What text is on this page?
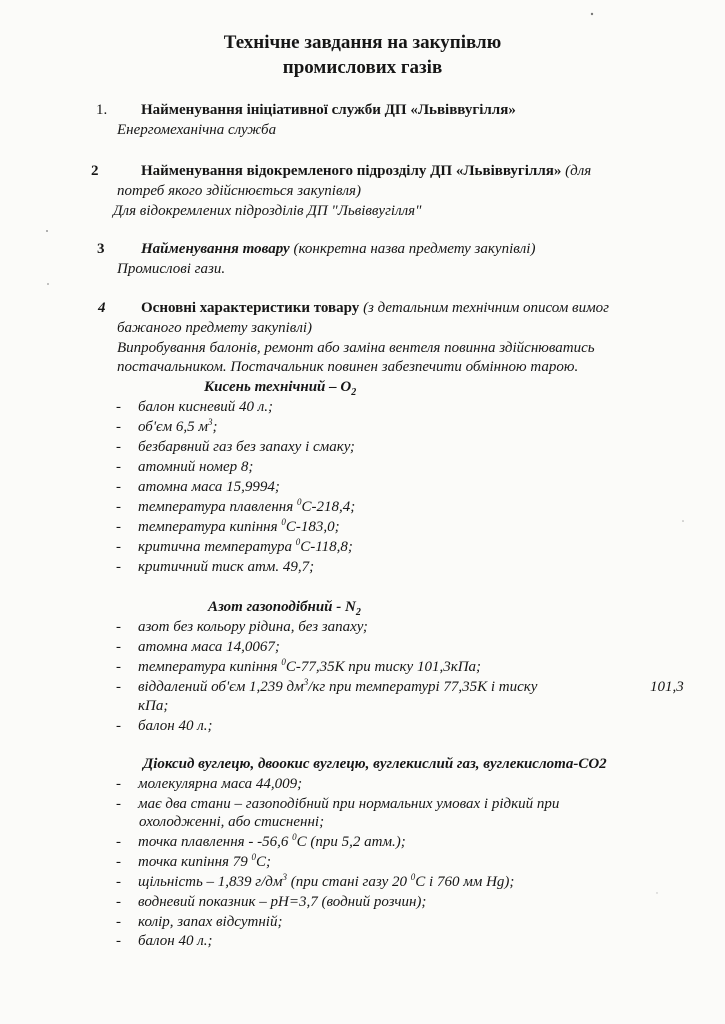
Технічне завдання на закупівлю
промислових газів
1. Найменування ініціативної служби ДП «Львіввугілля»
Енергомеханічна служба
2	Найменування відокремленого підрозділу ДП «Львіввугілля» (для
потреб якого здійснюється закупівля)
Для відокремлених підрозділів ДП "Львіввугілля"
3 Найменування товару (конкретна назва предмету закупівлі)
Промислові гази.
4 Основні характеристики товару (з детальним технічним описом вимог
бажаного предмету закупівлі)
Випробування балонів, ремонт або заміна вентеля повинна здійснюватись
постачальником. Постачальник повинен забезпечити обмінною тарою.
Кисень технічний – $O_2$
- балон кисневий 40 л.;
- об'єм 6,5 $м^3$;
- безбарвний газ без запаху і смаку;
- атомний номер 8;
- атомна маса 15,9994;
- температура плавлення $^0$С-218,4;
- температура кипіння $^0$С-183,0;
- критична температура $^0$С-118,8;
- критичний тиск атм. 49,7;
Азот газоподібний - $N_2$
- азот без кольору рідина, без запаху;
- атомна маса 14,0067;
- температура кипіння $^0$С-77,35К при тиску 101,3кПа;
- віддалений об'єм 1,239 $дм^3/кг$ при температурі 77,35К і тиску	101,3
кПа;
- балон 40 л.;
Діоксид вуглецю, двоокис вуглецю, вуглекислий газ, вуглекислота-CO2
- молекулярна маса 44,009;
- має два стани – газоподібний при нормальних умовах і рідкий при
охолодженні, або стисненні;
- точка плавлення - -56,6 $^0$С (при 5,2 атм.);
- точка кипіння 79 $^0$С;
- щільність – 1,839 $г/дм^3$ (при стані газу 20 $^0$С і 760 мм Hg);
- водневий показник – pH=3,7 (водний розчин);
- колір, запах відсутній;
- балон 40 л.;
